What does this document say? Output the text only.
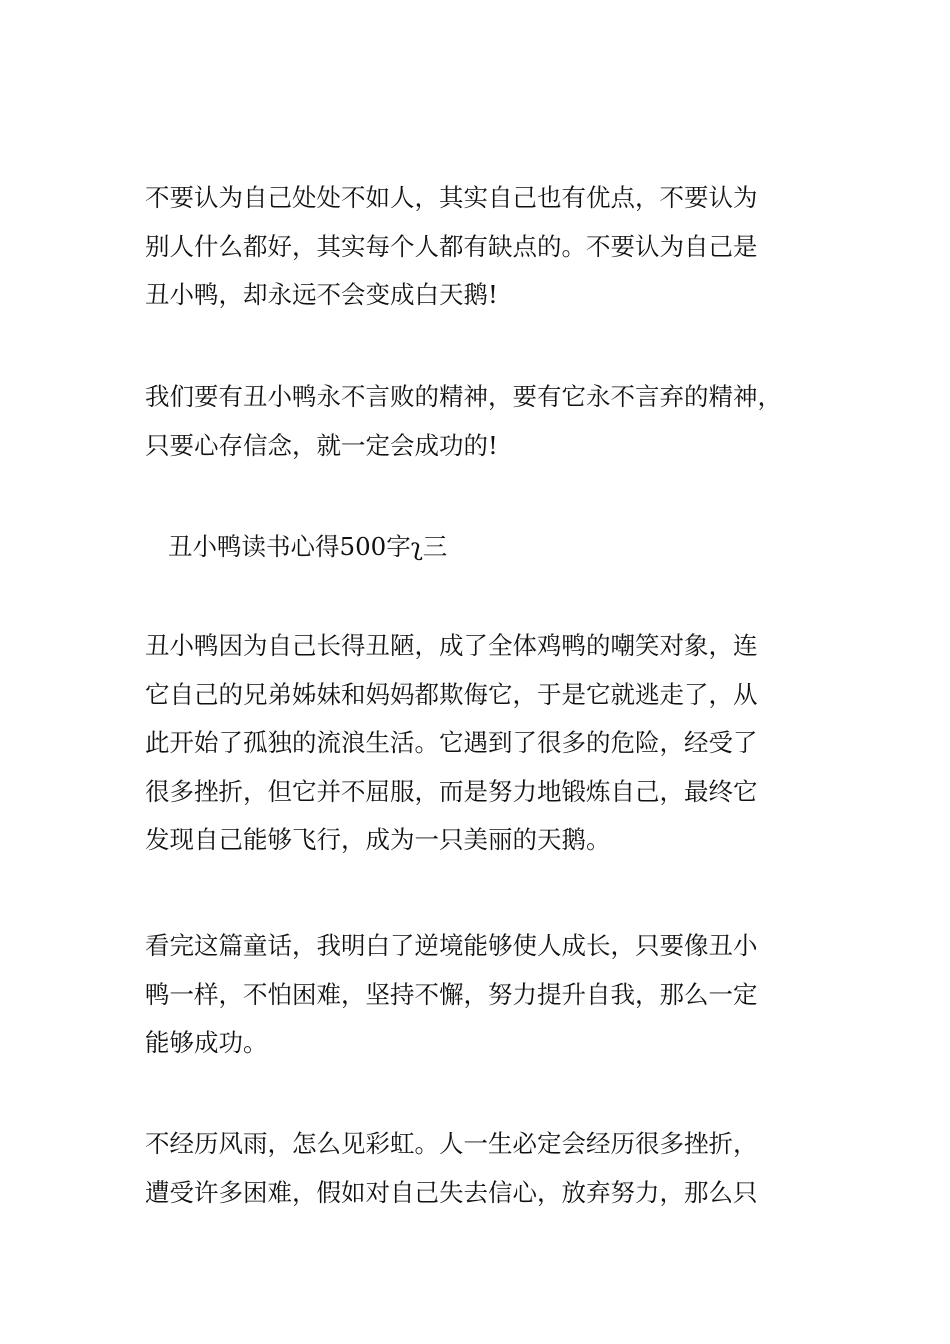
不要认为自己处处不如人，其实自己也有优点，不要认为
别人什么都好，其实每个人都有缺点的。不要认为自己是
丑小鸭，却永远不会变成白天鹅!
我们要有丑小鸭永不言败的精神，要有它永不言弃的精神，
只要心存信念，就一定会成功的!
丑小鸭读书心得500字ʅ三
丑小鸭因为自己长得丑陋，成了全体鸡鸭的嘲笑对象，连
它自己的兄弟姊妹和妈妈都欺侮它，于是它就逃走了，从
此开始了孤独的流浪生活。它遇到了很多的危险，经受了
很多挫折，但它并不屈服，而是努力地锻炼自己，最终它
发现自己能够飞行，成为一只美丽的天鹅。
看完这篇童话，我明白了逆境能够使人成长，只要像丑小
鸭一样，不怕困难，坚持不懈，努力提升自我，那么一定
能够成功。
不经历风雨，怎么见彩虹。人一生必定会经历很多挫折，
遭受许多困难，假如对自己失去信心，放弃努力，那么只
